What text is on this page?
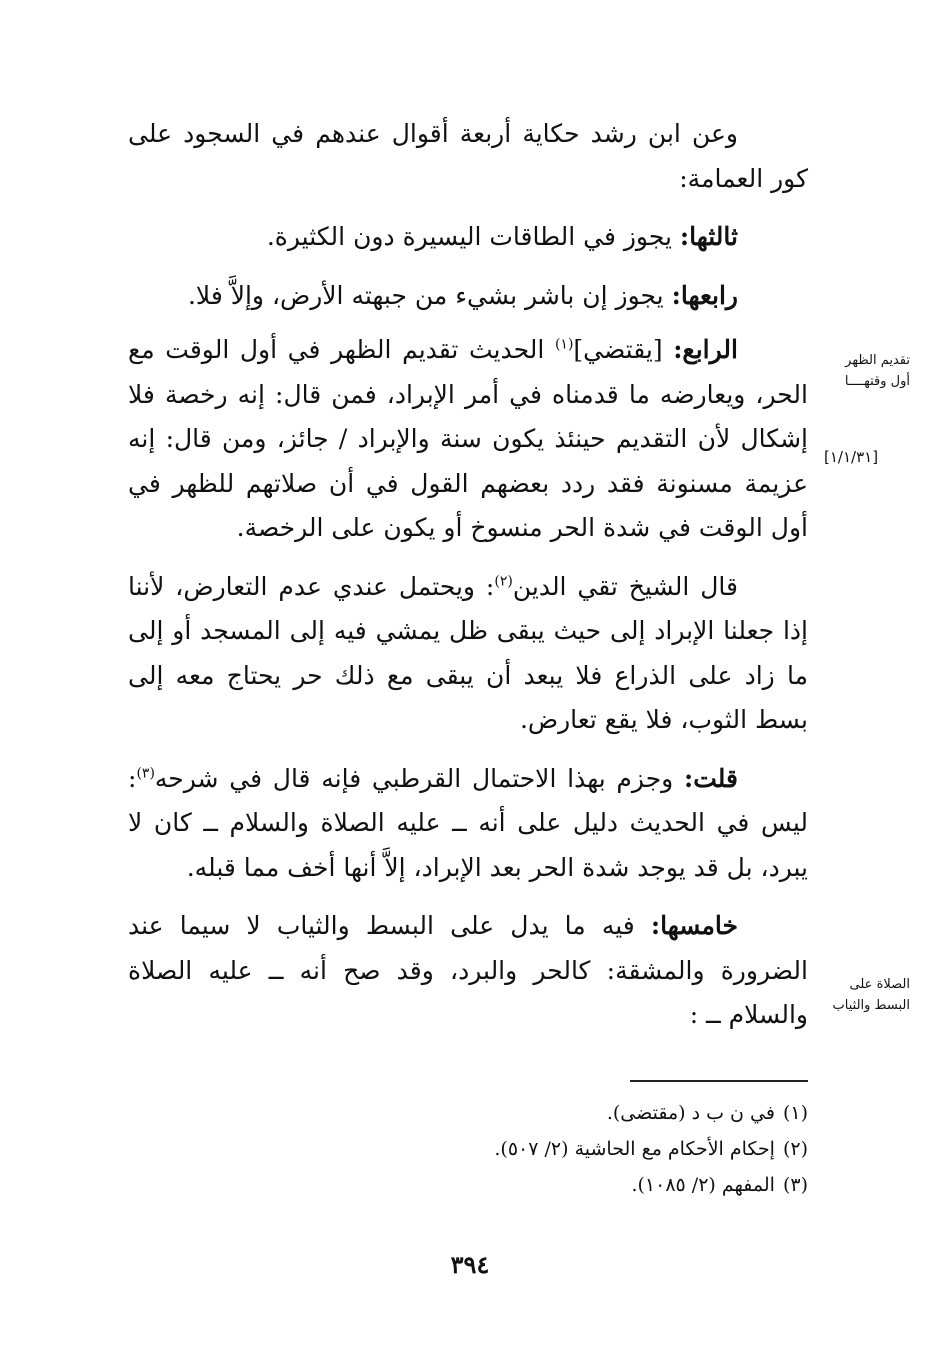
وعن ابن رشد حكاية أربعة أقوال عندهم في السجود على كور العمامة:

ثالثها: يجوز في الطاقات اليسيرة دون الكثيرة.

رابعها: يجوز إن باشر بشيء من جبهته الأرض، وإلاَّ فلا.

الرابع: [يقتضي]$^{(١)}$ الحديث تقديم الظهر في أول الوقت مع الحر، ويعارضه ما قدمناه في أمر الإبراد، فمن قال: إنه رخصة فلا إشكال لأن التقديم حينئذ يكون سنة والإبراد / جائز، ومن قال: إنه عزيمة مسنونة فقد ردد بعضهم القول في أن صلاتهم للظهر في أول الوقت في شدة الحر منسوخ أو يكون على الرخصة.

قال الشيخ تقي الدين$^{(٢)}$: ويحتمل عندي عدم التعارض، لأننا إذا جعلنا الإبراد إلى حيث يبقى ظل يمشي فيه إلى المسجد أو إلى ما زاد على الذراع فلا يبعد أن يبقى مع ذلك حر يحتاج معه إلى بسط الثوب، فلا يقع تعارض.

قلت: وجزم بهذا الاحتمال القرطبي فإنه قال في شرحه$^{(٣)}$: ليس في الحديث دليل على أنه ــ عليه الصلاة والسلام ــ كان لا يبرد، بل قد يوجد شدة الحر بعد الإبراد، إلاَّ أنها أخف مما قبله.

خامسها: فيه ما يدل على البسط والثياب لا سيما عند الضرورة والمشقة: كالحر والبرد، وقد صح أنه ــ عليه الصلاة والسلام ــ :

تقديم الظهر
أول وقتهــــا
[١/١/٣١]
الصلاة على
البسط والثياب

(١)في ن ب د (مقتضى).

(٢)إحكام الأحكام مع الحاشية (٢/ ٥٠٧).

(٣)المفهم (٢/ ١٠٨٥).

٣٩٤
